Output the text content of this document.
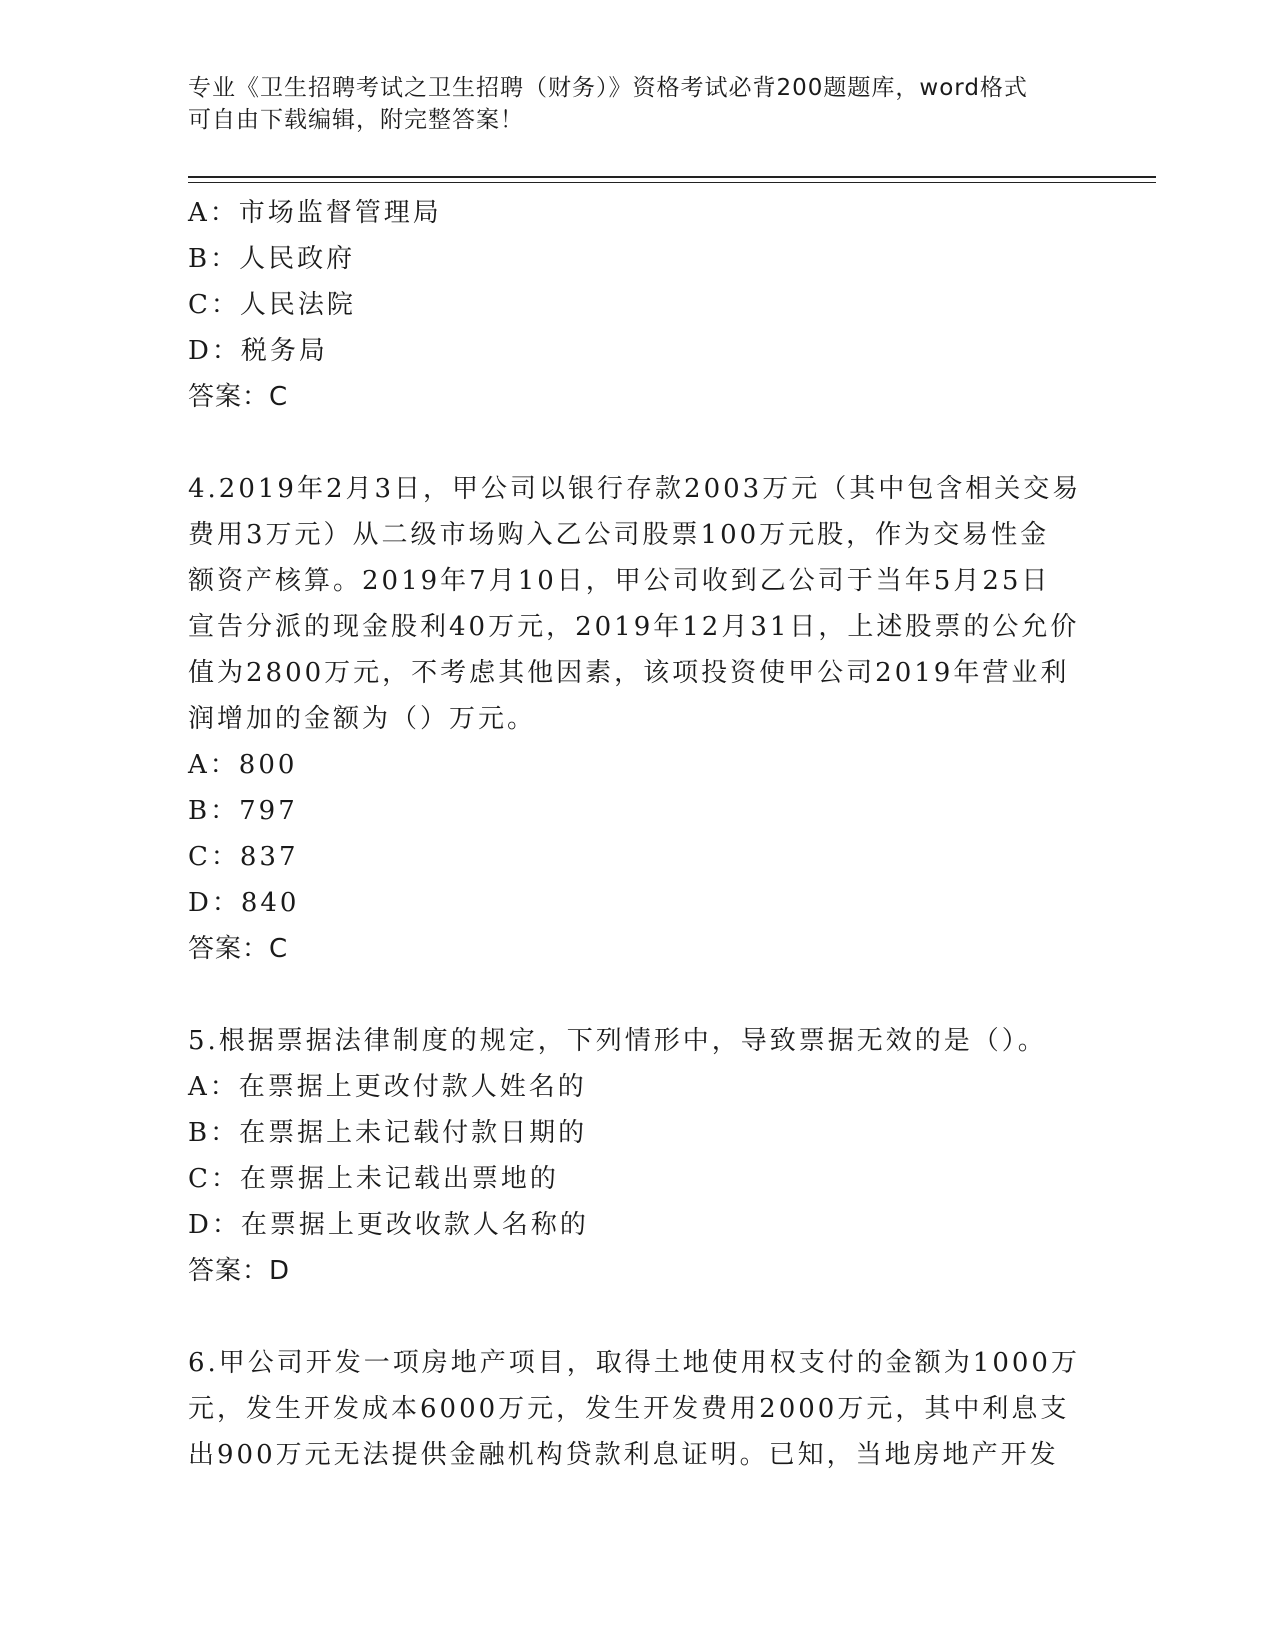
专业《卫生招聘考试之卫生招聘（财务）》资格考试必背200题题库，word格式
可自由下载编辑，附完整答案！
A：市场监督管理局
B：人民政府
C：人民法院
D：税务局
答案：C
4.2019年2月3日，甲公司以银行存款2003万元（其中包含相关交易
费用3万元）从二级市场购入乙公司股票100万元股，作为交易性金
额资产核算。2019年7月10日，甲公司收到乙公司于当年5月25日
宣告分派的现金股利40万元，2019年12月31日，上述股票的公允价
值为2800万元，不考虑其他因素，该项投资使甲公司2019年营业利
润增加的金额为（）万元。
A：800
B：797
C：837
D：840
答案：C
5.根据票据法律制度的规定，下列情形中，导致票据无效的是（）。
A：在票据上更改付款人姓名的
B：在票据上未记载付款日期的
C：在票据上未记载出票地的
D：在票据上更改收款人名称的
答案：D
6.甲公司开发一项房地产项目，取得土地使用权支付的金额为1000万
元，发生开发成本6000万元，发生开发费用2000万元，其中利息支
出900万元无法提供金融机构贷款利息证明。已知，当地房地产开发
